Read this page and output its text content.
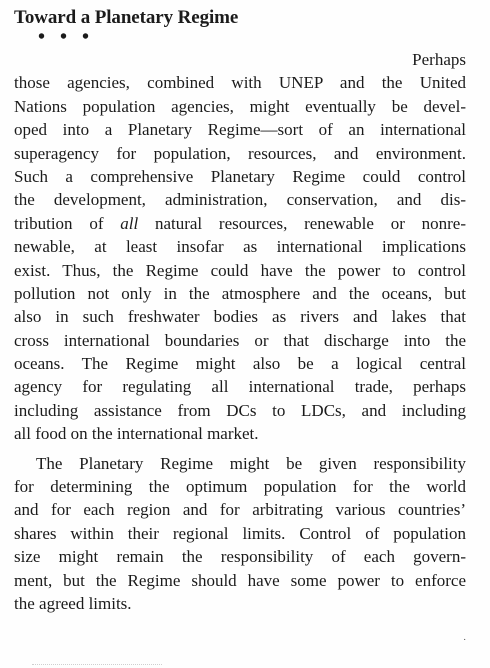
Toward a Planetary Regime
• • •
Perhaps
those agencies, combined with UNEP and the United
Nations population agencies, might eventually be devel-
oped into a Planetary Regime—sort of an international
superagency for population, resources, and environment.
Such a comprehensive Planetary Regime could control
the development, administration, conservation, and dis-
tribution of all natural resources, renewable or nonre-
newable, at least insofar as international implications
exist. Thus, the Regime could have the power to control
pollution not only in the atmosphere and the oceans, but
also in such freshwater bodies as rivers and lakes that
cross international boundaries or that discharge into the
oceans. The Regime might also be a logical central
agency for regulating all international trade, perhaps
including assistance from DCs to LDCs, and including
all food on the international market.
The Planetary Regime might be given responsibility
for determining the optimum population for the world
and for each region and for arbitrating various countries’
shares within their regional limits. Control of population
size might remain the responsibility of each govern-
ment, but the Regime should have some power to enforce
the agreed limits.
˙
